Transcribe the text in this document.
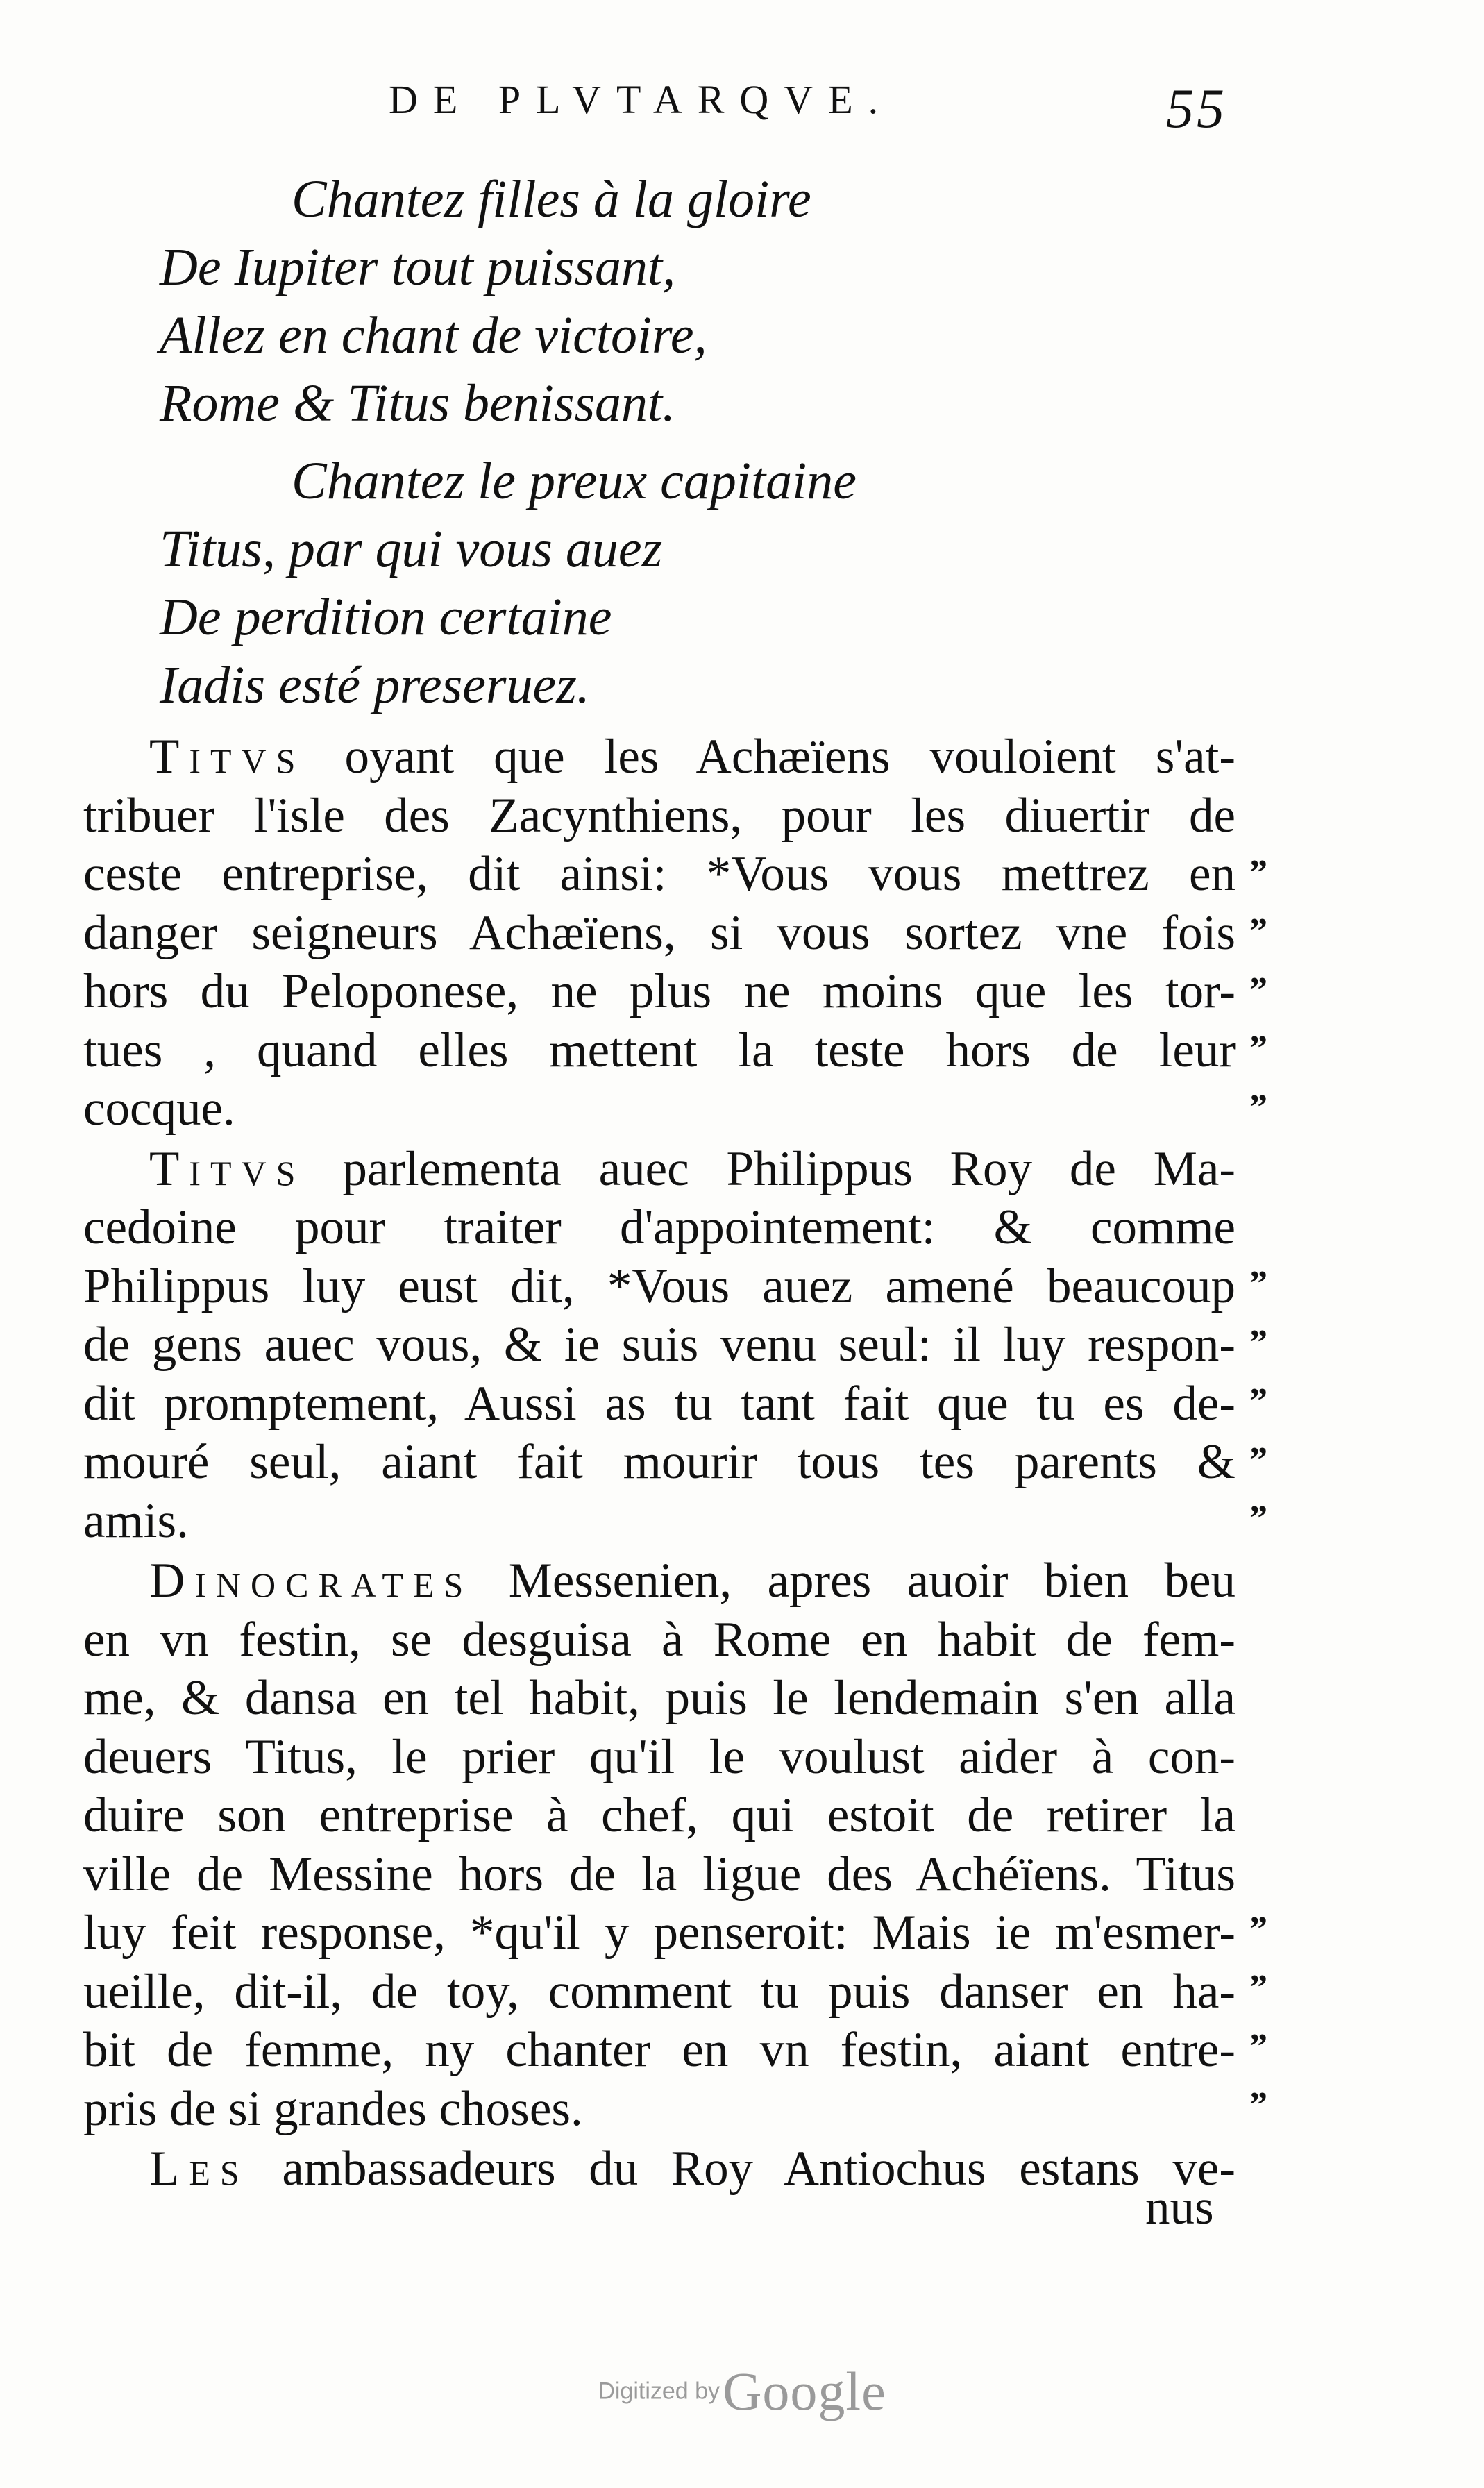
DE PLVTARQVE.	55
Chantez filles à la gloire
De Iupiter tout puissant,
Allez en chant de victoire,
Rome & Titus benissant.
Chantez le preux capitaine
Titus, par qui vous auez
De perdition certaine
Iadis esté preseruez.
Titvs oyant que les Achæïens vouloient s'at-
tribuer l'isle des Zacynthiens, pour les diuertir de
ceste entreprise, dit ainsi: *Vous vous mettrez en
danger seigneurs Achæïens, si vous sortez vne fois
hors du Peloponese, ne plus ne moins que les tor-
tues , quand elles mettent la teste hors de leur
cocque.
Titvs parlementa auec Philippus Roy de Ma-
cedoine pour traiter d'appointement: & comme
Philippus luy eust dit, *Vous auez amené beaucoup
de gens auec vous, & ie suis venu seul: il luy respon-
dit promptement, Aussi as tu tant fait que tu es de-
mouré seul, aiant fait mourir tous tes parents &
amis.
Dinocrates Messenien, apres auoir bien beu
en vn festin, se desguisa à Rome en habit de fem-
me, & dansa en tel habit, puis le lendemain s'en alla
deuers Titus, le prier qu'il le voulust aider à con-
duire son entreprise à chef, qui estoit de retirer la
ville de Messine hors de la ligue des Achéïens. Titus
luy feit response, *qu'il y penseroit: Mais ie m'esmer-
ueille, dit-il, de toy, comment tu puis danser en ha-
bit de femme, ny chanter en vn festin, aiant entre-
pris de si grandes choses.
Les ambassadeurs du Roy Antiochus estans ve-
”
”
”
”
”
”
”
”
”
”
”
”
”
”
nus
Digitized by Google
